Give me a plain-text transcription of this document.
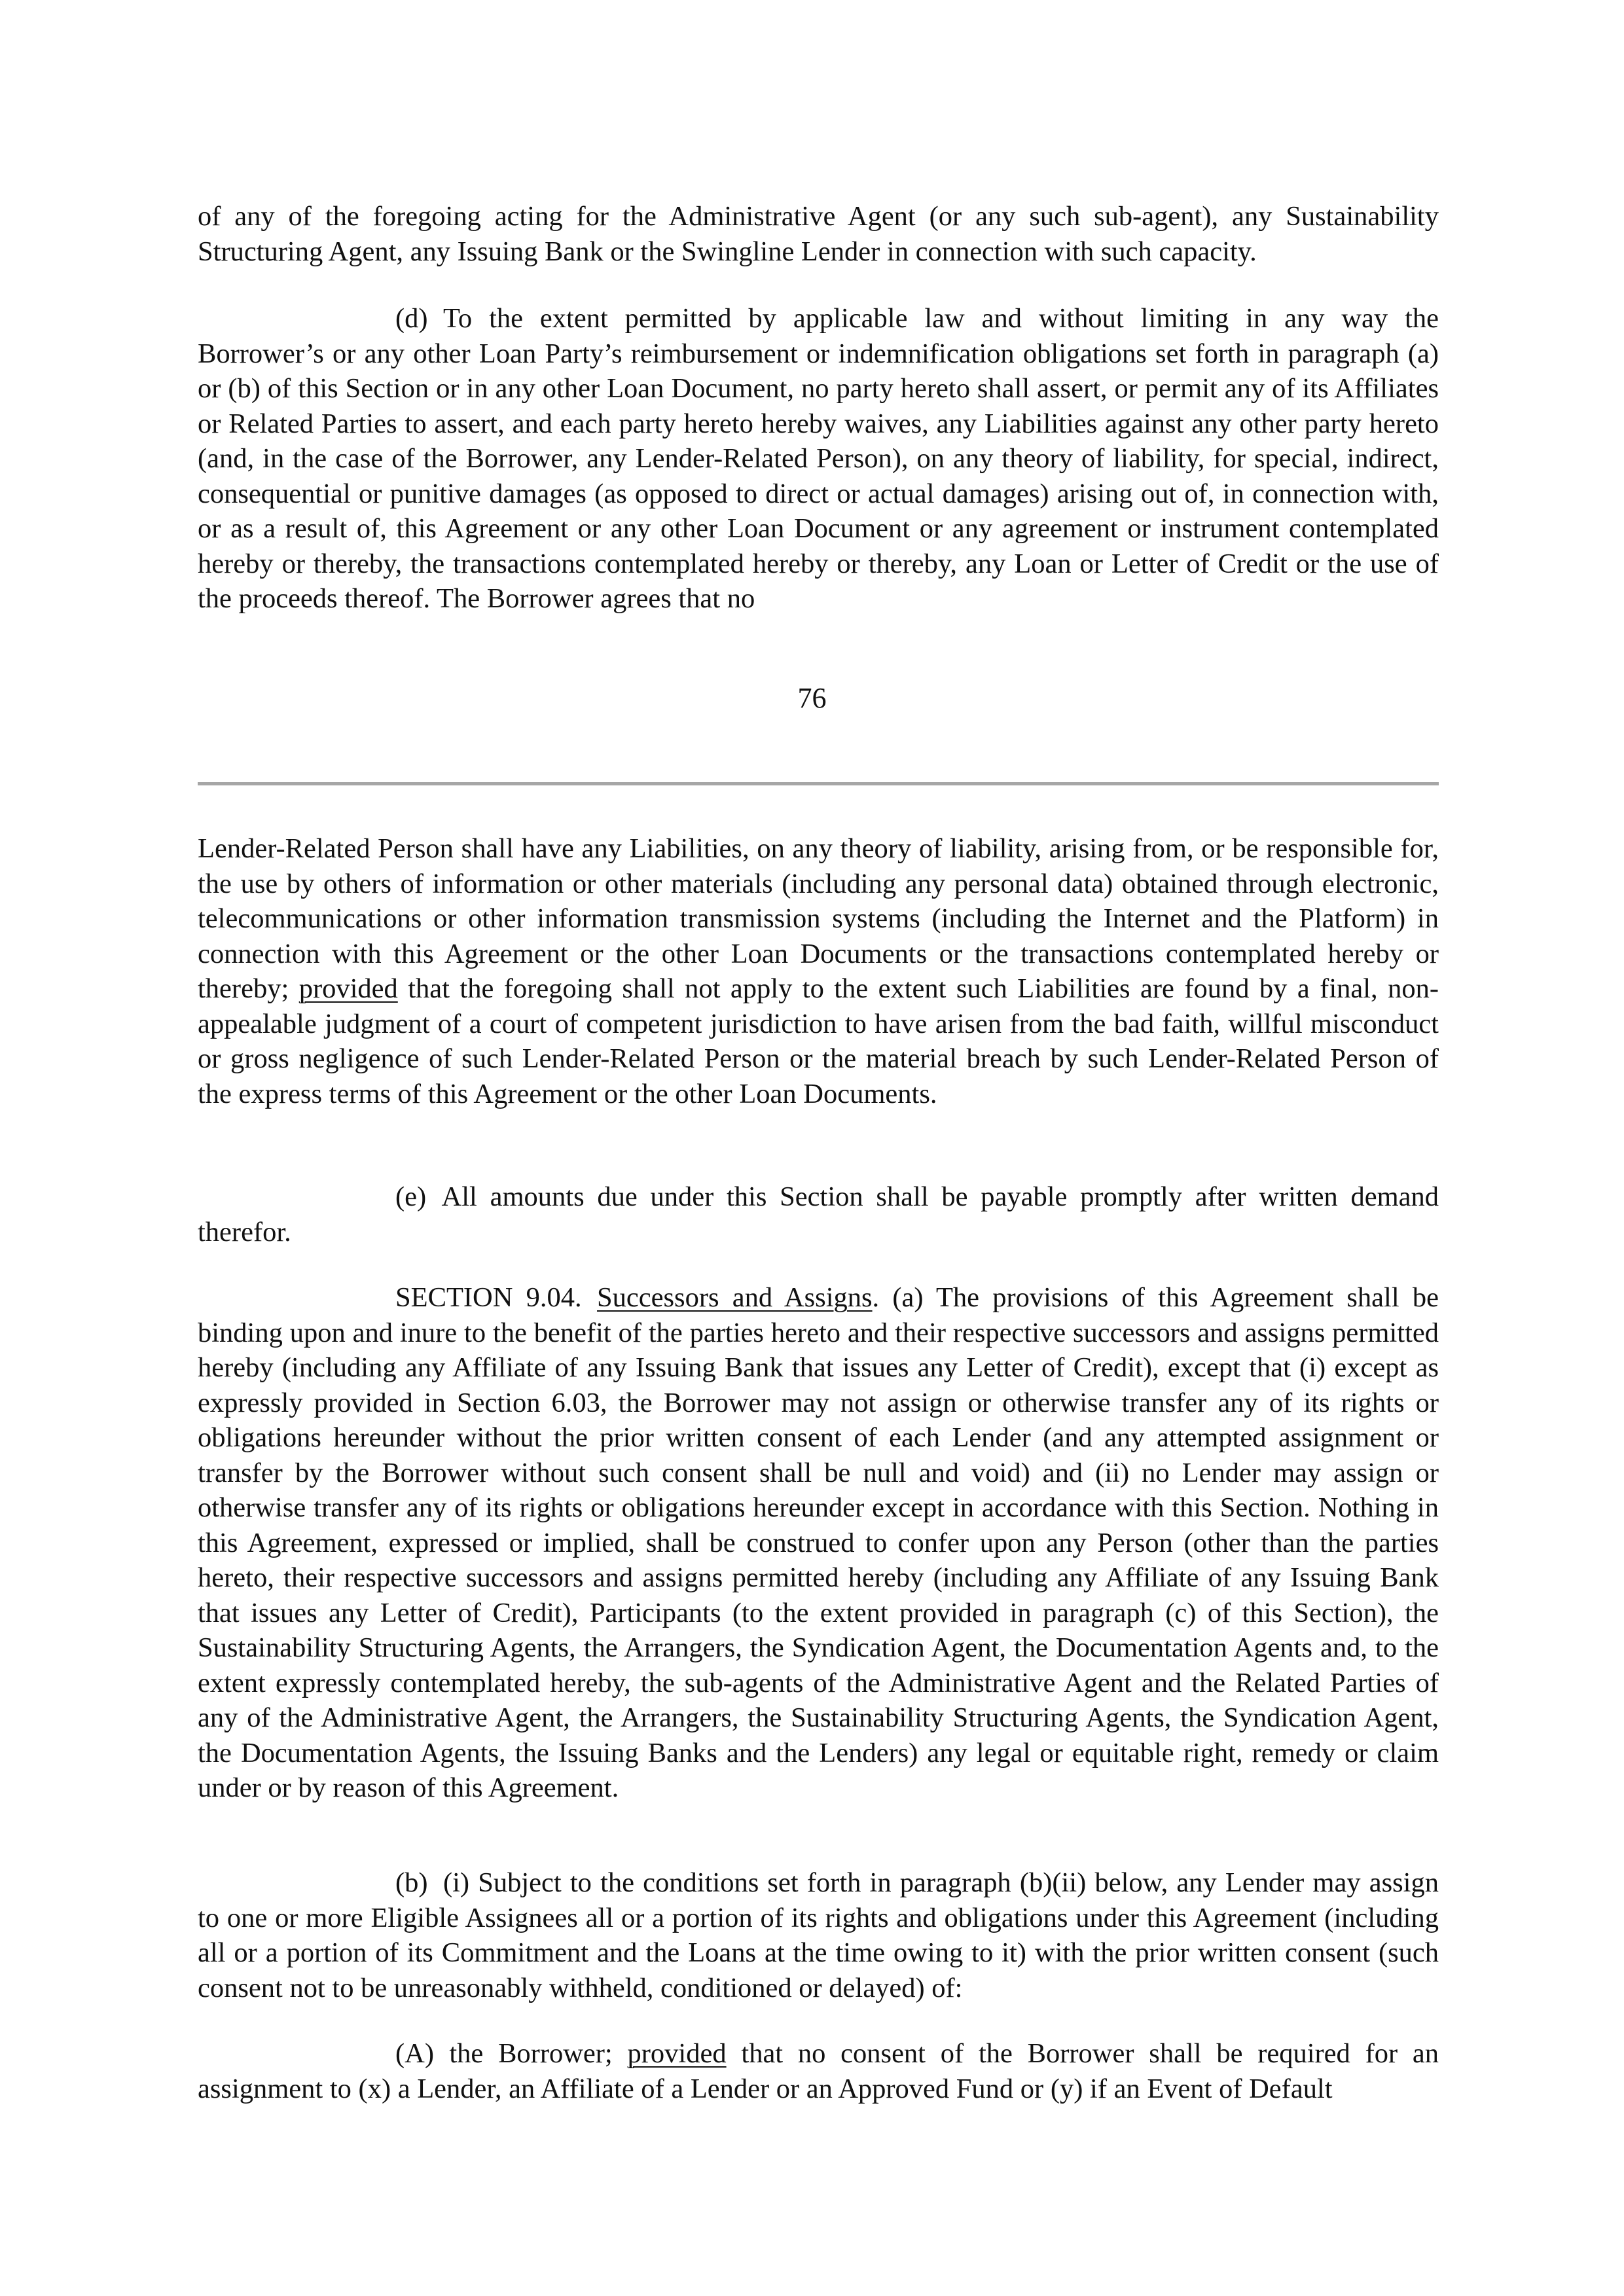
of any of the foregoing acting for the Administrative Agent (or any such sub-agent), any Sustainability Structuring Agent, any Issuing Bank or the Swingline Lender in connection with such capacity.

(d) To the extent permitted by applicable law and without limiting in any way the Borrower’s or any other Loan Party’s reimbursement or indemnification obligations set forth in paragraph (a) or (b) of this Section or in any other Loan Document, no party hereto shall assert, or permit any of its Affiliates or Related Parties to assert, and each party hereto hereby waives, any Liabilities against any other party hereto (and, in the case of the Borrower, any Lender-Related Person), on any theory of liability, for special, indirect, consequential or punitive damages (as opposed to direct or actual damages) arising out of, in connection with, or as a result of, this Agreement or any other Loan Document or any agreement or instrument contemplated hereby or thereby, the transactions contemplated hereby or thereby, any Loan or Letter of Credit or the use of the proceeds thereof. The Borrower agrees that no

76

Lender-Related Person shall have any Liabilities, on any theory of liability, arising from, or be responsible for, the use by others of information or other materials (including any personal data) obtained through electronic, telecommunications or other information transmission systems (including the Internet and the Platform) in connection with this Agreement or the other Loan Documents or the transactions contemplated hereby or thereby; provided that the foregoing shall not apply to the extent such Liabilities are found by a final, non-appealable judgment of a court of competent jurisdiction to have arisen from the bad faith, willful misconduct or gross negligence of such Lender-Related Person or the material breach by such Lender-Related Person of the express terms of this Agreement or the other Loan Documents.

(e) All amounts due under this Section shall be payable promptly after written demand therefor.

SECTION 9.04. Successors and Assigns. (a) The provisions of this Agreement shall be binding upon and inure to the benefit of the parties hereto and their respective successors and assigns permitted hereby (including any Affiliate of any Issuing Bank that issues any Letter of Credit), except that (i) except as expressly provided in Section 6.03, the Borrower may not assign or otherwise transfer any of its rights or obligations hereunder without the prior written consent of each Lender (and any attempted assignment or transfer by the Borrower without such consent shall be null and void) and (ii) no Lender may assign or otherwise transfer any of its rights or obligations hereunder except in accordance with this Section. Nothing in this Agreement, expressed or implied, shall be construed to confer upon any Person (other than the parties hereto, their respective successors and assigns permitted hereby (including any Affiliate of any Issuing Bank that issues any Letter of Credit), Participants (to the extent provided in paragraph (c) of this Section), the Sustainability Structuring Agents, the Arrangers, the Syndication Agent, the Documentation Agents and, to the extent expressly contemplated hereby, the sub-agents of the Administrative Agent and the Related Parties of any of the Administrative Agent, the Arrangers, the Sustainability Structuring Agents, the Syndication Agent, the Documentation Agents, the Issuing Banks and the Lenders) any legal or equitable right, remedy or claim under or by reason of this Agreement.

(b) (i) Subject to the conditions set forth in paragraph (b)(ii) below, any Lender may assign to one or more Eligible Assignees all or a portion of its rights and obligations under this Agreement (including all or a portion of its Commitment and the Loans at the time owing to it) with the prior written consent (such consent not to be unreasonably withheld, conditioned or delayed) of:

(A) the Borrower; provided that no consent of the Borrower shall be required for an assignment to (x) a Lender, an Affiliate of a Lender or an Approved Fund or (y) if an Event of Default
